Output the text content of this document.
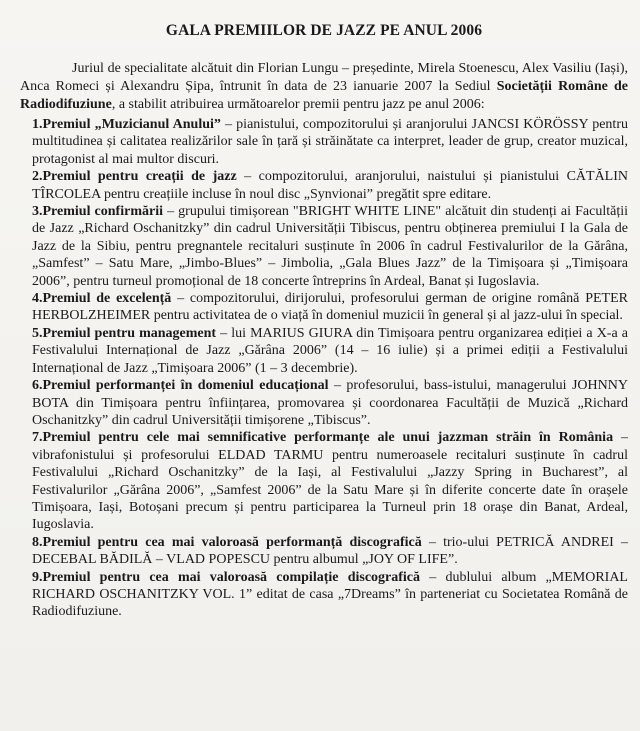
GALA PREMIILOR DE JAZZ PE ANUL 2006

Juriul de specialitate alcătuit din Florian Lungu – președinte, Mirela Stoenescu, Alex Vasiliu (Iași), Anca Romeci și Alexandru Șipa, întrunit în data de 23 ianuarie 2007 la Sediul Societății Române de Radiodifuziune, a stabilit atribuirea următoarelor premii pentru jazz pe anul 2006:

1.Premiul „Muzicianul Anului” – pianistului, compozitorului și aranjorului JANCSI KÖRÖSSY pentru multitudinea și calitatea realizărilor sale în țară și străinătate ca interpret, leader de grup, creator muzical, protagonist al mai multor discuri.

2.Premiul pentru creații de jazz – compozitorului, aranjorului, naistului și pianistului CĂTĂLIN TÎRCOLEA pentru creațiile incluse în noul disc „Synvionai” pregătit spre editare.

3.Premiul confirmării – grupului timișorean "BRIGHT WHITE LINE" alcătuit din studenți ai Facultății de Jazz „Richard Oschanitzky” din cadrul Universității Tibiscus, pentru obținerea premiului I la Gala de Jazz de la Sibiu, pentru pregnantele recitaluri susținute în 2006 în cadrul Festivalurilor de la Gărâna, „Samfest” – Satu Mare, „Jimbo-Blues” – Jimbolia, „Gala Blues Jazz” de la Timișoara și „Timișoara 2006”, pentru turneul promoțional de 18 concerte întreprins în Ardeal, Banat și Iugoslavia.

4.Premiul de excelență – compozitorului, dirijorului, profesorului german de origine română PETER HERBOLZHEIMER pentru activitatea de o viață în domeniul muzicii în general și al jazz-ului în special.

5.Premiul pentru management – lui MARIUS GIURA din Timișoara pentru organizarea ediției a X-a a Festivalului Internațional de Jazz „Gărâna 2006” (14 – 16 iulie) și a primei ediții a Festivalului Internațional de Jazz „Timișoara 2006” (1 – 3 decembrie).

6.Premiul performanței în domeniul educațional – profesorului, bass-istului, managerului JOHNNY BOTA din Timișoara pentru înființarea, promovarea și coordonarea Facultății de Muzică „Richard Oschanitzky” din cadrul Universității timișorene „Tibiscus”.

7.Premiul pentru cele mai semnificative performanțe ale unui jazzman străin în România – vibrafonistului și profesorului ELDAD TARMU pentru numeroasele recitaluri susținute în cadrul Festivalului „Richard Oschanitzky” de la Iași, al Festivalului „Jazzy Spring in Bucharest”, al Festivalurilor „Gărâna 2006”, „Samfest 2006” de la Satu Mare și în diferite concerte date în orașele Timișoara, Iași, Botoșani precum și pentru participarea la Turneul prin 18 orașe din Banat, Ardeal, Iugoslavia.

8.Premiul pentru cea mai valoroasă performanță discografică – trio-ului PETRICĂ ANDREI – DECEBAL BĂDILĂ – VLAD POPESCU pentru albumul „JOY OF LIFE”.

9.Premiul pentru cea mai valoroasă compilație discografică – dublului album „MEMORIAL RICHARD OSCHANITZKY VOL. 1” editat de casa „7Dreams” în parteneriat cu Societatea Română de Radiodifuziune.
